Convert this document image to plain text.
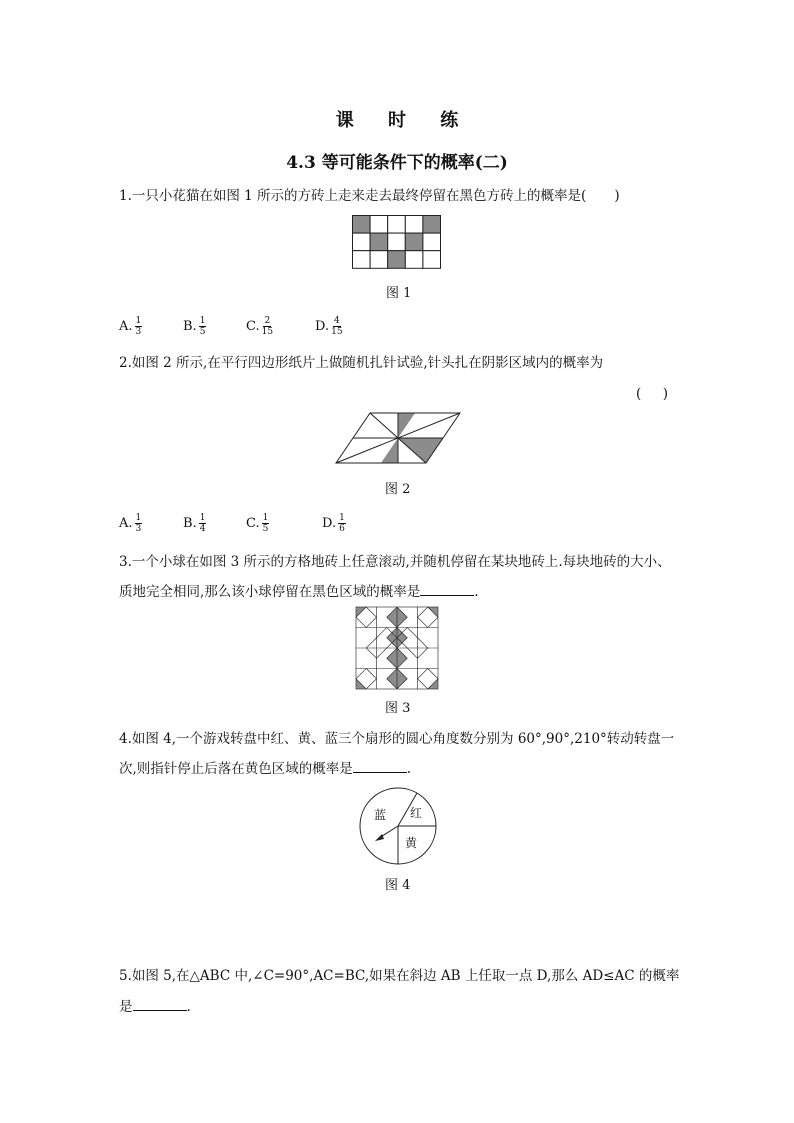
课 时 练
4.3 等可能条件下的概率(二)
1.一只小花猫在如图 1 所示的方砖上走来走去最终停留在黑色方砖上的概率是( )
图 1
A. $\frac{1}{3}$	B. $\frac{1}{5}$	C. $\frac{2}{15}$	D. $\frac{4}{15}$
2.如图 2 所示,在平行四边形纸片上做随机扎针试验,针头扎在阴影区域内的概率为
(     )
图 2
A. $\frac{1}{3}$	B. $\frac{1}{4}$	C. $\frac{1}{5}$	D. $\frac{1}{6}$
3.一个小球在如图 3 所示的方格地砖上任意滚动,并随机停留在某块地砖上.每块地砖的大小、
质地完全相同,那么该小球停留在黑色区域的概率是	.
图 3
4.如图 4,一个游戏转盘中红、黄、蓝三个扇形的圆心角度数分别为 60°,90°,210°转动转盘一
次,则指针停止后落在黄色区域的概率是	.
蓝 红
黄
图 4
5.如图 5,在△ABC 中,∠C=90°,AC=BC,如果在斜边 AB 上任取一点 D,那么 AD≤AC 的概率
是	.
